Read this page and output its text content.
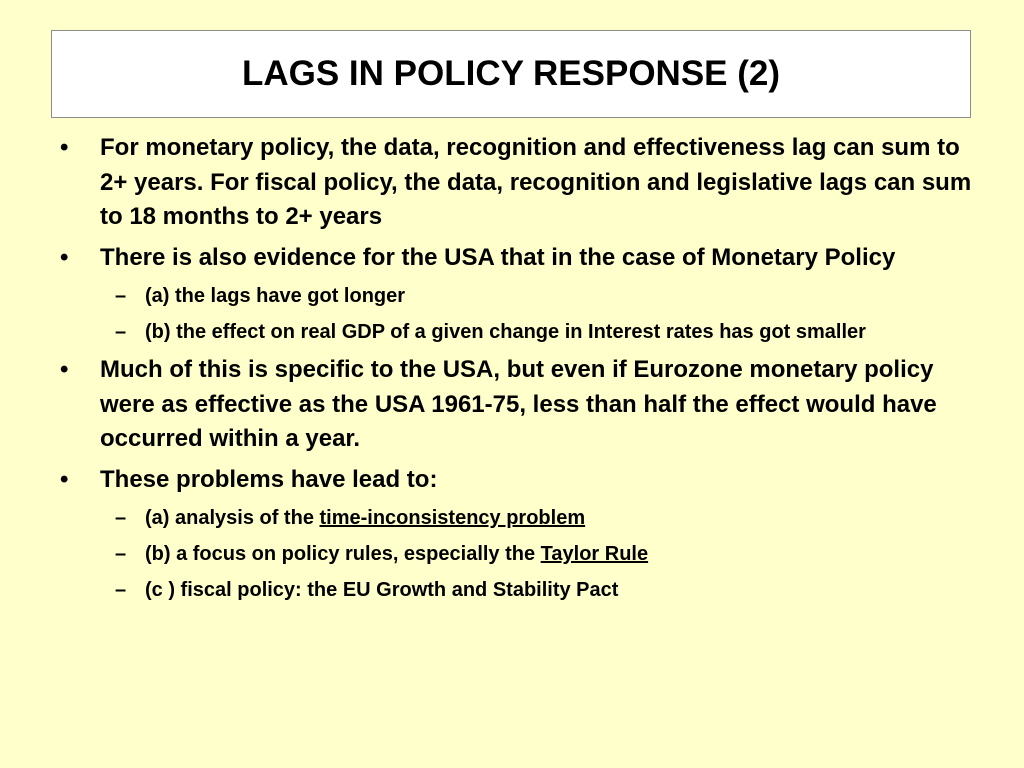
LAGS IN POLICY RESPONSE (2)
•	For monetary policy, the data, recognition and effectiveness lag can sum to 2+ years. For fiscal policy, the data, recognition and legislative lags can sum to 18 months to 2+ years
•	There is also evidence for the USA that in the case of Monetary Policy
– (a) the lags have got longer
– (b) the effect on real GDP of a given change in Interest rates has got smaller
•	Much of this is specific to the USA, but even if Eurozone monetary policy were as effective as the USA 1961-75, less than half the effect would have occurred within a year.
•	These problems have lead to:
– (a) analysis of the time-inconsistency problem
– (b) a focus on policy rules, especially the Taylor Rule
– (c ) fiscal policy: the EU Growth and Stability Pact
